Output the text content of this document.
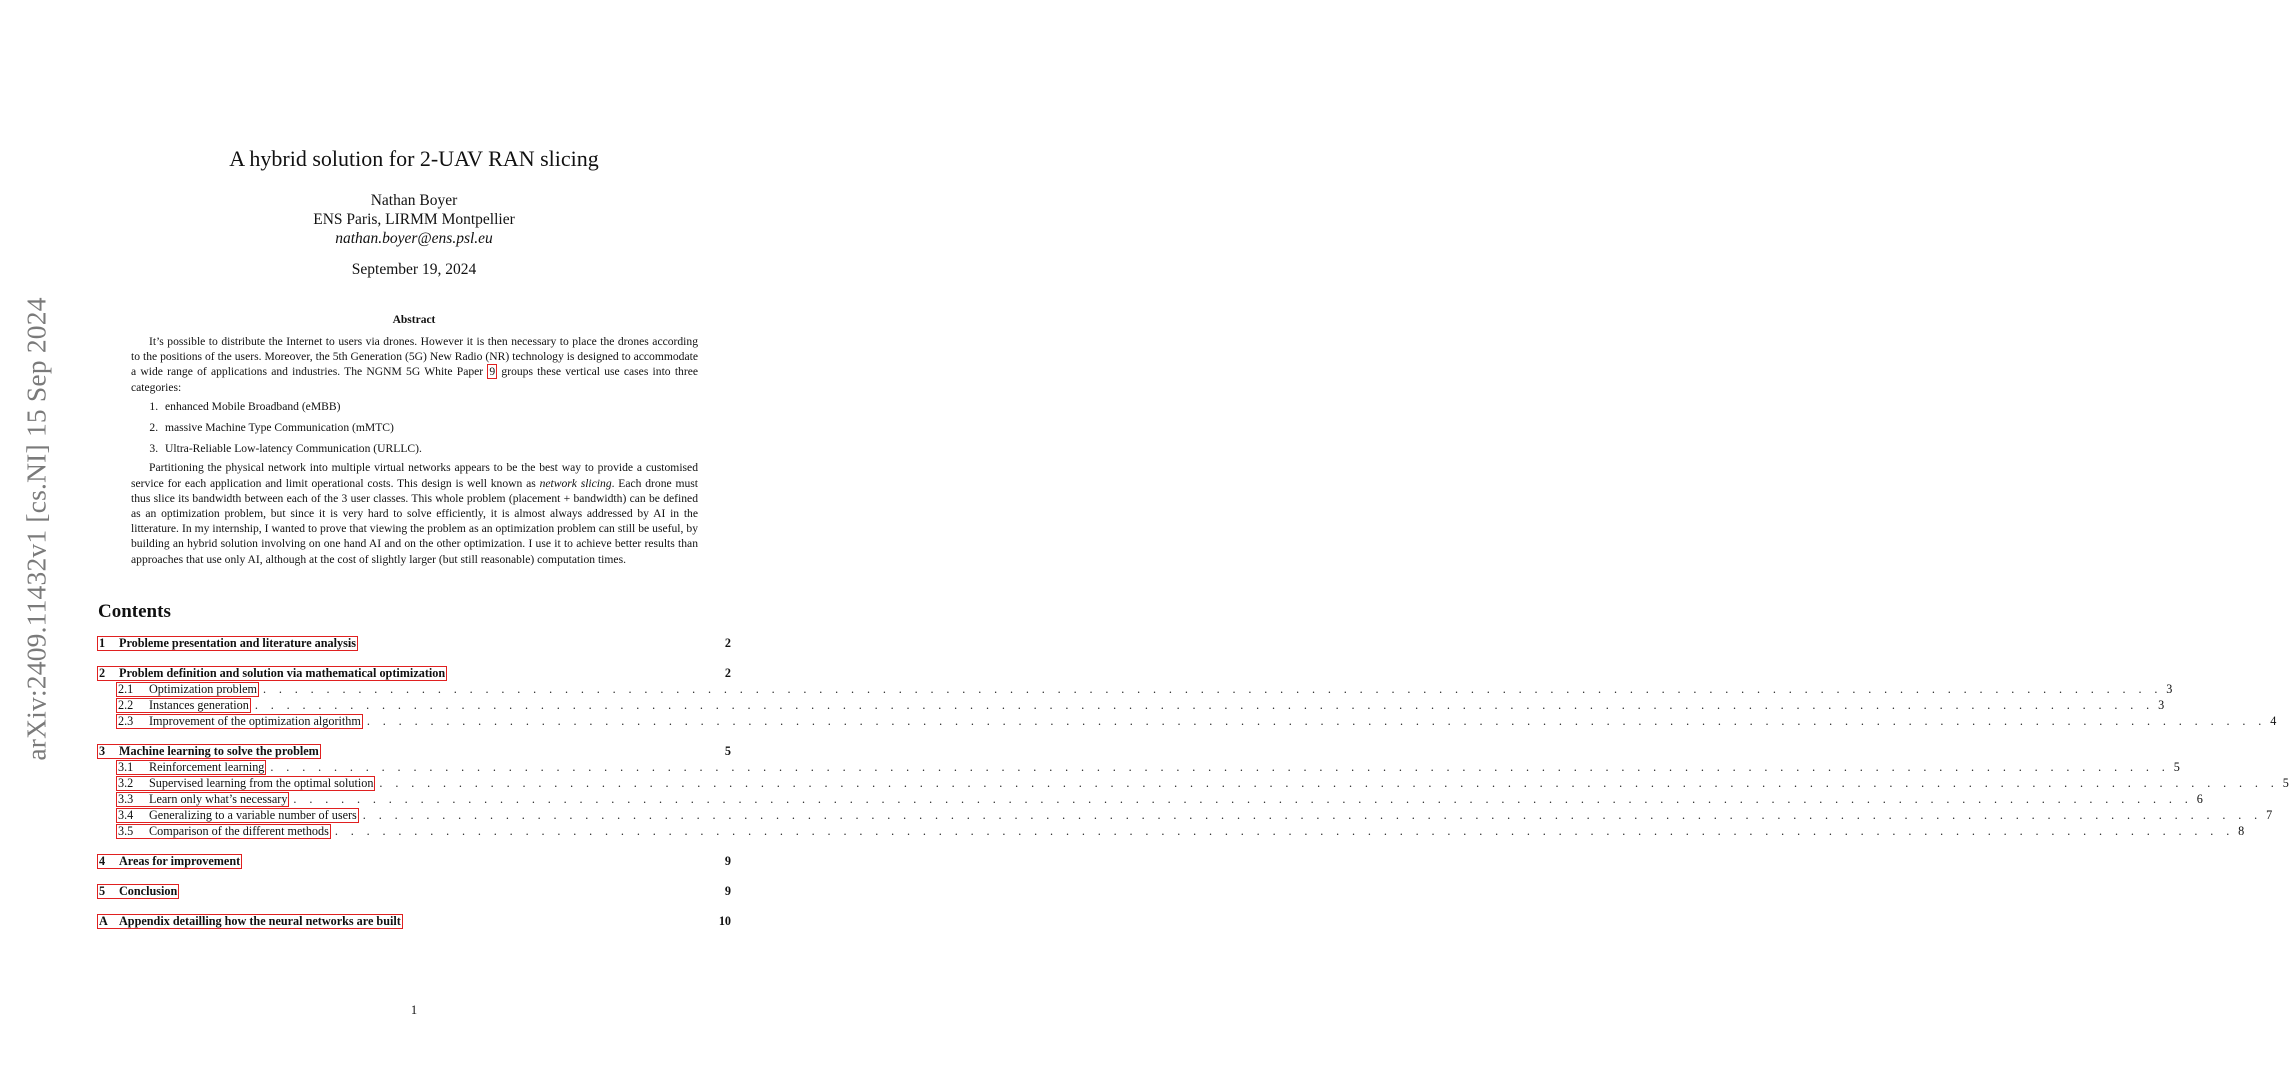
arXiv:2409.11432v1 [cs.NI] 15 Sep 2024
A hybrid solution for 2-UAV RAN slicing
Nathan Boyer
ENS Paris, LIRMM Montpellier
nathan.boyer@ens.psl.eu
September 19, 2024
Abstract

It’s possible to distribute the Internet to users via drones. However it is then necessary to place the drones according to the positions of the users. Moreover, the 5th Generation (5G) New Radio (NR) technology is designed to accommodate a wide range of applications and industries. The NGNM 5G White Paper 9 groups these vertical use cases into three categories:

1. enhanced Mobile Broadband (eMBB)
2. massive Machine Type Communication (mMTC)
3. Ultra-Reliable Low-latency Communication (URLLC).

Partitioning the physical network into multiple virtual networks appears to be the best way to provide a customised service for each application and limit operational costs. This design is well known as network slicing. Each drone must thus slice its bandwidth between each of the 3 user classes. This whole problem (placement + bandwidth) can be defined as an optimization problem, but since it is very hard to solve efficiently, it is almost always addressed by AI in the litterature. In my internship, I wanted to prove that viewing the problem as an optimization problem can still be useful, by building an hybrid solution involving on one hand AI and on the other optimization. I use it to achieve better results than approaches that use only AI, although at the cost of slightly larger (but still reasonable) computation times.

Contents
1 Probleme presentation and literature analysis	2
2 Problem definition and solution via mathematical optimization	2
2.1 Optimization problem . . . . . . . . . . . . . . . . . . . . . . . . . . . . . . . . . . . . . . . . . . . . . . . . . . . . . . . . . . . . . . . . . . . . . . . . . . . . . . . . . . . . . . . . . . . . . . . . . . . . . . . . . . . . . . . . . . . . . . . . 3
2.2 Instances generation . . . . . . . . . . . . . . . . . . . . . . . . . . . . . . . . . . . . . . . . . . . . . . . . . . . . . . . . . . . . . . . . . . . . . . . . . . . . . . . . . . . . . . . . . . . . . . . . . . . . . . . . . . . . . . . . . . . . . . . . 3
2.3 Improvement of the optimization algorithm . . . . . . . . . . . . . . . . . . . . . . . . . . . . . . . . . . . . . . . . . . . . . . . . . . . . . . . . . . . . . . . . . . . . . . . . . . . . . . . . . . . . . . . . . . . . . . . . . . . . . . . . . . . . . . . . . . . . . . . . 4
3 Machine learning to solve the problem	5
3.1 Reinforcement learning . . . . . . . . . . . . . . . . . . . . . . . . . . . . . . . . . . . . . . . . . . . . . . . . . . . . . . . . . . . . . . . . . . . . . . . . . . . . . . . . . . . . . . . . . . . . . . . . . . . . . . . . . . . . . . . . . . . . . . . . 5
3.2 Supervised learning from the optimal solution . . . . . . . . . . . . . . . . . . . . . . . . . . . . . . . . . . . . . . . . . . . . . . . . . . . . . . . . . . . . . . . . . . . . . . . . . . . . . . . . . . . . . . . . . . . . . . . . . . . . . . . . . . . . . . . . . . . . . . . . 5
3.3 Learn only what’s necessary . . . . . . . . . . . . . . . . . . . . . . . . . . . . . . . . . . . . . . . . . . . . . . . . . . . . . . . . . . . . . . . . . . . . . . . . . . . . . . . . . . . . . . . . . . . . . . . . . . . . . . . . . . . . . . . . . . . . . . . . 6
3.4 Generalizing to a variable number of users . . . . . . . . . . . . . . . . . . . . . . . . . . . . . . . . . . . . . . . . . . . . . . . . . . . . . . . . . . . . . . . . . . . . . . . . . . . . . . . . . . . . . . . . . . . . . . . . . . . . . . . . . . . . . . . . . . . . . . . . 7
3.5 Comparison of the different methods . . . . . . . . . . . . . . . . . . . . . . . . . . . . . . . . . . . . . . . . . . . . . . . . . . . . . . . . . . . . . . . . . . . . . . . . . . . . . . . . . . . . . . . . . . . . . . . . . . . . . . . . . . . . . . . . . . . . . . . . 8
4 Areas for improvement	9
5 Conclusion	9
A Appendix detailling how the neural networks are built	10
1
